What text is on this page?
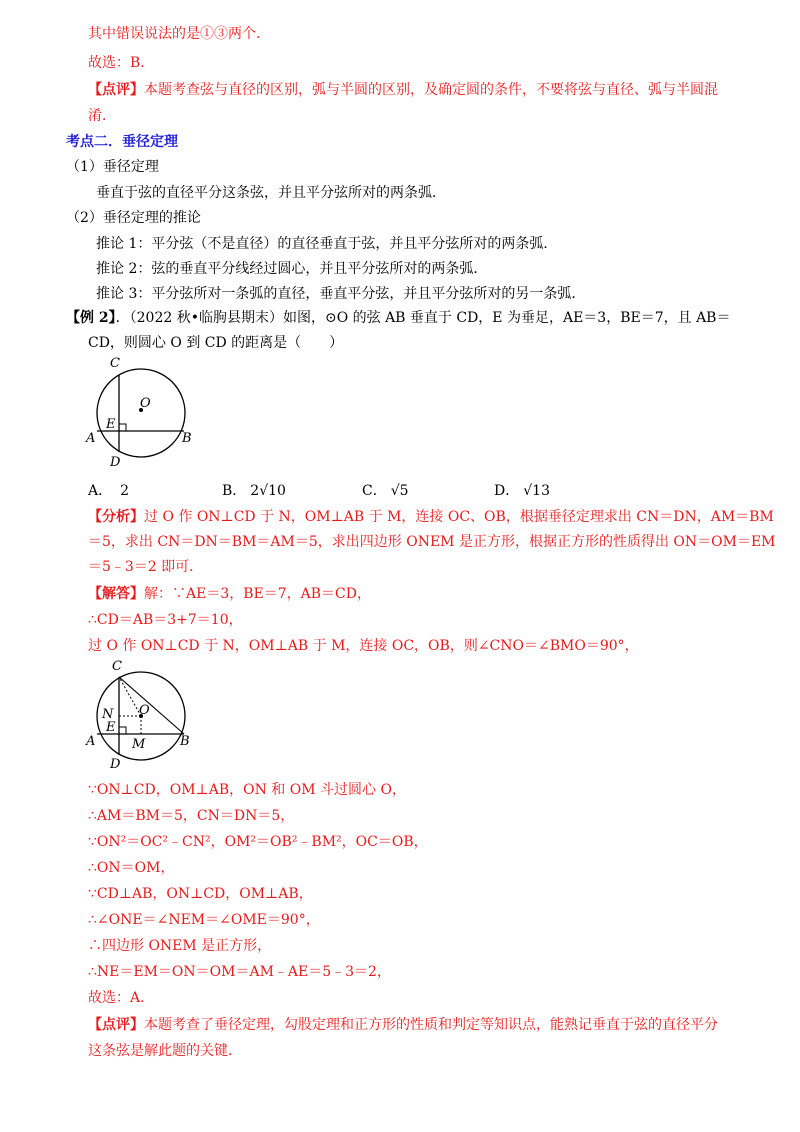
其中错误说法的是①③两个．
故选：B．
【点评】本题考查弦与直径的区别，弧与半圆的区别，及确定圆的条件，不要将弦与直径、弧与半圆混
淆．
考点二．垂径定理
（1）垂径定理
垂直于弦的直径平分这条弦，并且平分弦所对的两条弧．
（2）垂径定理的推论
推论 1：平分弦（不是直径）的直径垂直于弦，并且平分弦所对的两条弧．
推论 2：弦的垂直平分线经过圆心，并且平分弦所对的两条弧．
推论 3：平分弦所对一条弧的直径，垂直平分弦，并且平分弦所对的另一条弧．
【例 2】．（2022 秋•临朐县期末）如图，⊙O 的弦 AB 垂直于 CD，E 为垂足，AE＝3，BE＝7，且 AB＝
CD，则圆心 O 到 CD 的距离是（　　）
C
O
E
A	B
D
A． 2	B． 2√10	C． √5	D． √13
【分析】过 O 作 ON⊥CD 于 N，OM⊥AB 于 M，连接 OC、OB，根据垂径定理求出 CN＝DN，AM＝BM
＝5，求出 CN＝DN＝BM＝AM＝5，求出四边形 ONEM 是正方形，根据正方形的性质得出 ON＝OM＝EM
＝5﹣3＝2 即可．
【解答】解：∵AE＝3，BE＝7，AB＝CD，
∴CD＝AB＝3+7＝10，
过 O 作 ON⊥CD 于 N，OM⊥AB 于 M，连接 OC，OB，则∠CNO＝∠BMO＝90°，
C
N O
E
A	M	B
D
∵ON⊥CD，OM⊥AB，ON 和 OM 斗过圆心 O，
∴AM＝BM＝5，CN＝DN＝5，
∵ON²＝OC²﹣CN²，OM²＝OB²﹣BM²，OC＝OB，
∴ON＝OM，
∵CD⊥AB，ON⊥CD，OM⊥AB，
∴∠ONE＝∠NEM＝∠OME＝90°，
∴四边形 ONEM 是正方形，
∴NE＝EM＝ON＝OM＝AM﹣AE＝5﹣3＝2，
故选：A．
【点评】本题考查了垂径定理，勾股定理和正方形的性质和判定等知识点，能熟记垂直于弦的直径平分
这条弦是解此题的关键．
